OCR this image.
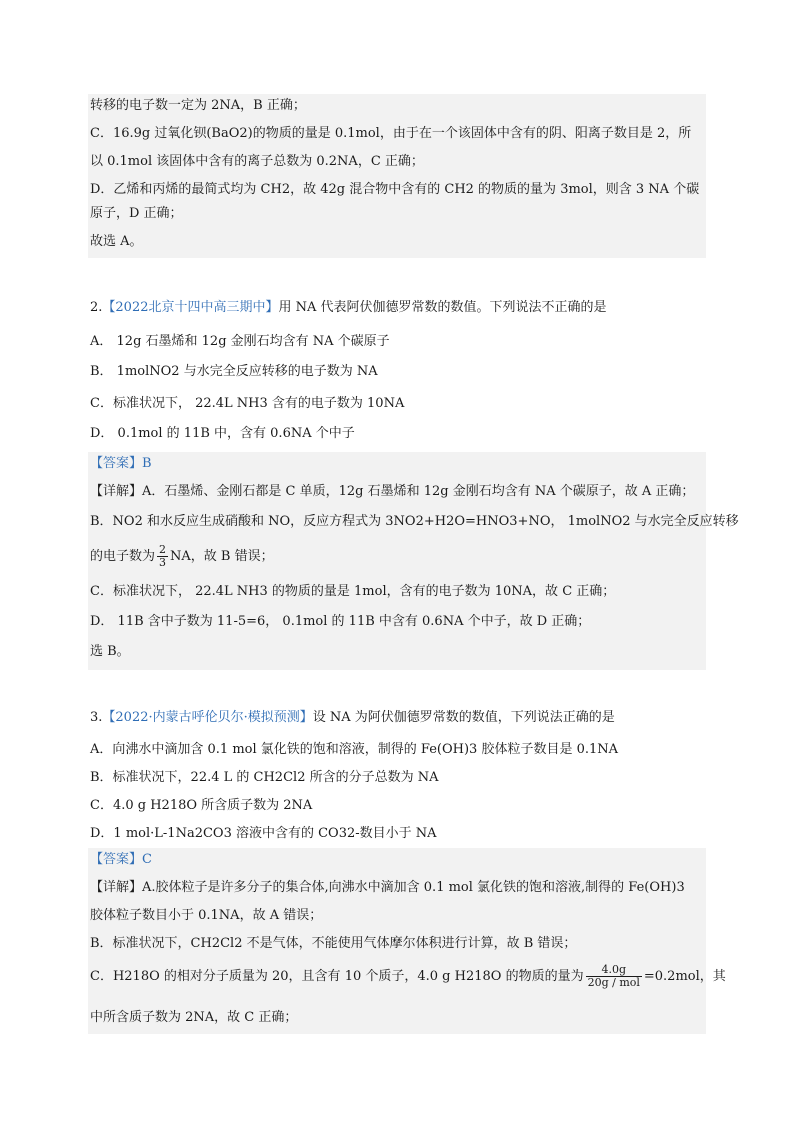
转移的电子数一定为 2NA，B 正确；
C．16.9g 过氧化钡(BaO2)的物质的量是 0.1mol，由于在一个该固体中含有的阴、阳离子数目是 2，所
以 0.1mol 该固体中含有的离子总数为 0.2NA，C 正确；
D．乙烯和丙烯的最简式均为 CH2，故 42g 混合物中含有的 CH2 的物质的量为 3mol，则含 3 NA 个碳
原子，D 正确；
故选 A。
2.【2022北京十四中高三期中】用 NA 代表阿伏伽德罗常数的数值。下列说法不正确的是
A． 12g 石墨烯和 12g 金刚石均含有 NA 个碳原子
B． 1molNO2 与水完全反应转移的电子数为 NA
C．标准状况下， 22.4L NH3 含有的电子数为 10NA
D． 0.1mol 的 11B 中，含有 0.6NA 个中子
【答案】B
【详解】A．石墨烯、金刚石都是 C 单质，12g 石墨烯和 12g 金刚石均含有 NA 个碳原子，故 A 正确；
B．NO2 和水反应生成硝酸和 NO，反应方程式为 3NO2+H2O=HNO3+NO， 1molNO2 与水完全反应转移
的电子数为 $\frac{2}{3}$ NA，故 B 错误；
C．标准状况下， 22.4L NH3 的物质的量是 1mol，含有的电子数为 10NA，故 C 正确；
D． 11B 含中子数为 11-5=6， 0.1mol 的 11B 中含有 0.6NA 个中子，故 D 正确；
选 B。
3.【2022·内蒙古呼伦贝尔·模拟预测】设 NA 为阿伏伽德罗常数的数值，下列说法正确的是
A．向沸水中滴加含 0.1 mol 氯化铁的饱和溶液，制得的 Fe(OH)3 胶体粒子数目是 0.1NA
B．标准状况下，22.4 L 的 CH2Cl2 所含的分子总数为 NA
C．4.0 g H218O 所含质子数为 2NA
D．1 mol·L-1Na2CO3 溶液中含有的 CO32-数目小于 NA
【答案】C
【详解】A.胶体粒子是许多分子的集合体,向沸水中滴加含 0.1 mol 氯化铁的饱和溶液,制得的 Fe(OH)3
胶体粒子数目小于 0.1NA，故 A 错误；
B．标准状况下，CH2Cl2 不是气体，不能使用气体摩尔体积进行计算，故 B 错误；
C．H218O 的相对分子质量为 20，且含有 10 个质子，4.0 g H218O 的物质的量为 $\frac{4.0g}{\text{20g / mol}} =0.2mol$，其
中所含质子数为 2NA，故 C 正确；
